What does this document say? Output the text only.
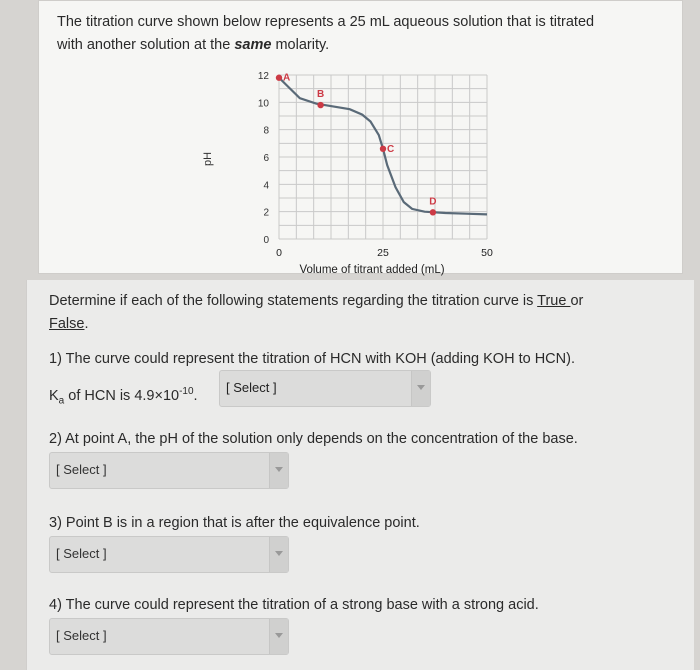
The titration curve shown below represents a 25 mL aqueous solution that is titrated
with another solution at the same molarity.
0
2
4
6
8
10
12
0	25	50
A
B
C
D
Volume of titrant added (mL)
pH
Determine if each of the following statements regarding the titration curve is True or
False.
1) The curve could represent the titration of HCN with KOH (adding KOH to HCN).
$K_a$ of HCN is $4.9\times 10^{-10}$.
[ Select ]
2) At point A, the pH of the solution only depends on the concentration of the base.
[ Select ]
3) Point B is in a region that is after the equivalence point.
[ Select ]
4) The curve could represent the titration of a strong base with a strong acid.
[ Select ]
